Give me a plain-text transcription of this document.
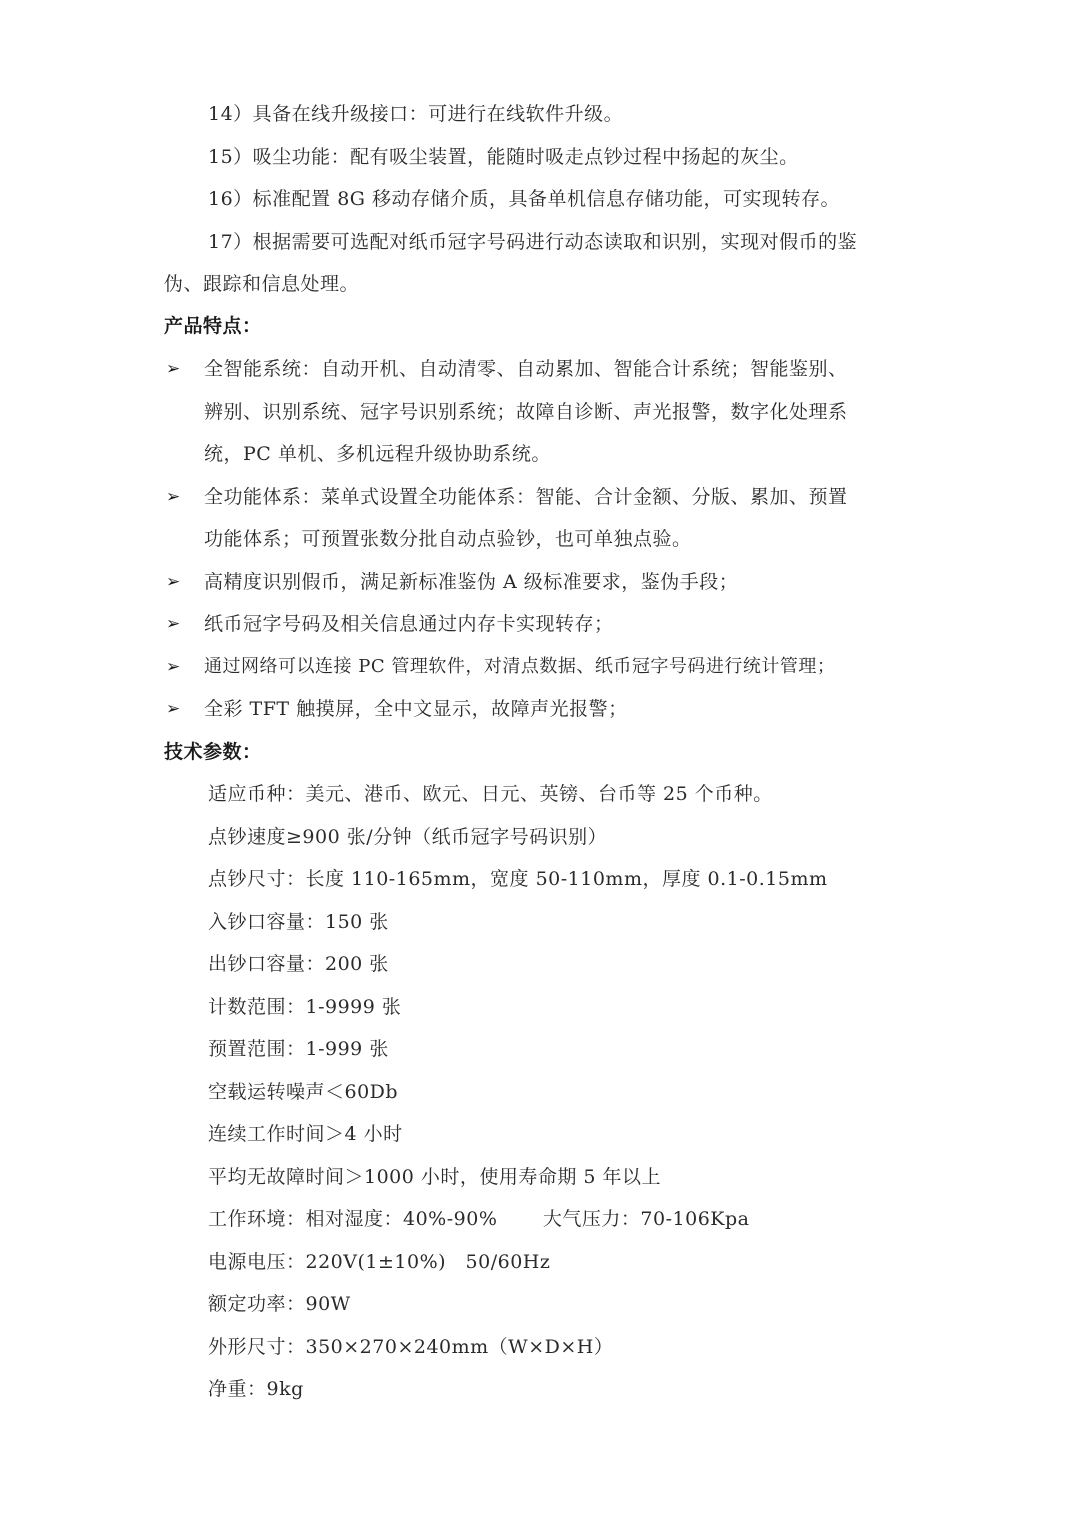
14）具备在线升级接口：可进行在线软件升级。
15）吸尘功能：配有吸尘装置，能随时吸走点钞过程中扬起的灰尘。
16）标准配置 8G 移动存储介质，具备单机信息存储功能，可实现转存。
17）根据需要可选配对纸币冠字号码进行动态读取和识别，实现对假币的鉴
伪、跟踪和信息处理。
产品特点：
➢ 全智能系统：自动开机、自动清零、自动累加、智能合计系统；智能鉴别、
辨别、识别系统、冠字号识别系统；故障自诊断、声光报警，数字化处理系
统，PC 单机、多机远程升级协助系统。
➢ 全功能体系：菜单式设置全功能体系：智能、合计金额、分版、累加、预置
功能体系；可预置张数分批自动点验钞，也可单独点验。
➢ 高精度识别假币，满足新标准鉴伪 A 级标准要求，鉴伪手段；
➢ 纸币冠字号码及相关信息通过内存卡实现转存；
➢ 通过网络可以连接 PC 管理软件，对清点数据、纸币冠字号码进行统计管理；
➢ 全彩 TFT 触摸屏，全中文显示，故障声光报警；
技术参数：
适应币种：美元、港币、欧元、日元、英镑、台币等 25 个币种。
点钞速度≥900 张/分钟（纸币冠字号码识别）
点钞尺寸：长度 110-165mm，宽度 50-110mm，厚度 0.1-0.15mm
入钞口容量：150 张
出钞口容量：200 张
计数范围：1-9999 张
预置范围：1-999 张
空载运转噪声＜60Db
连续工作时间＞4 小时
平均无故障时间＞1000 小时，使用寿命期 5 年以上
工作环境：相对湿度：40%-90%　　 大气压力：70-106Kpa
电源电压：220V(1±10%)　50/60Hz
额定功率：90W
外形尺寸：350×270×240mm（W×D×H）
净重：9kg
